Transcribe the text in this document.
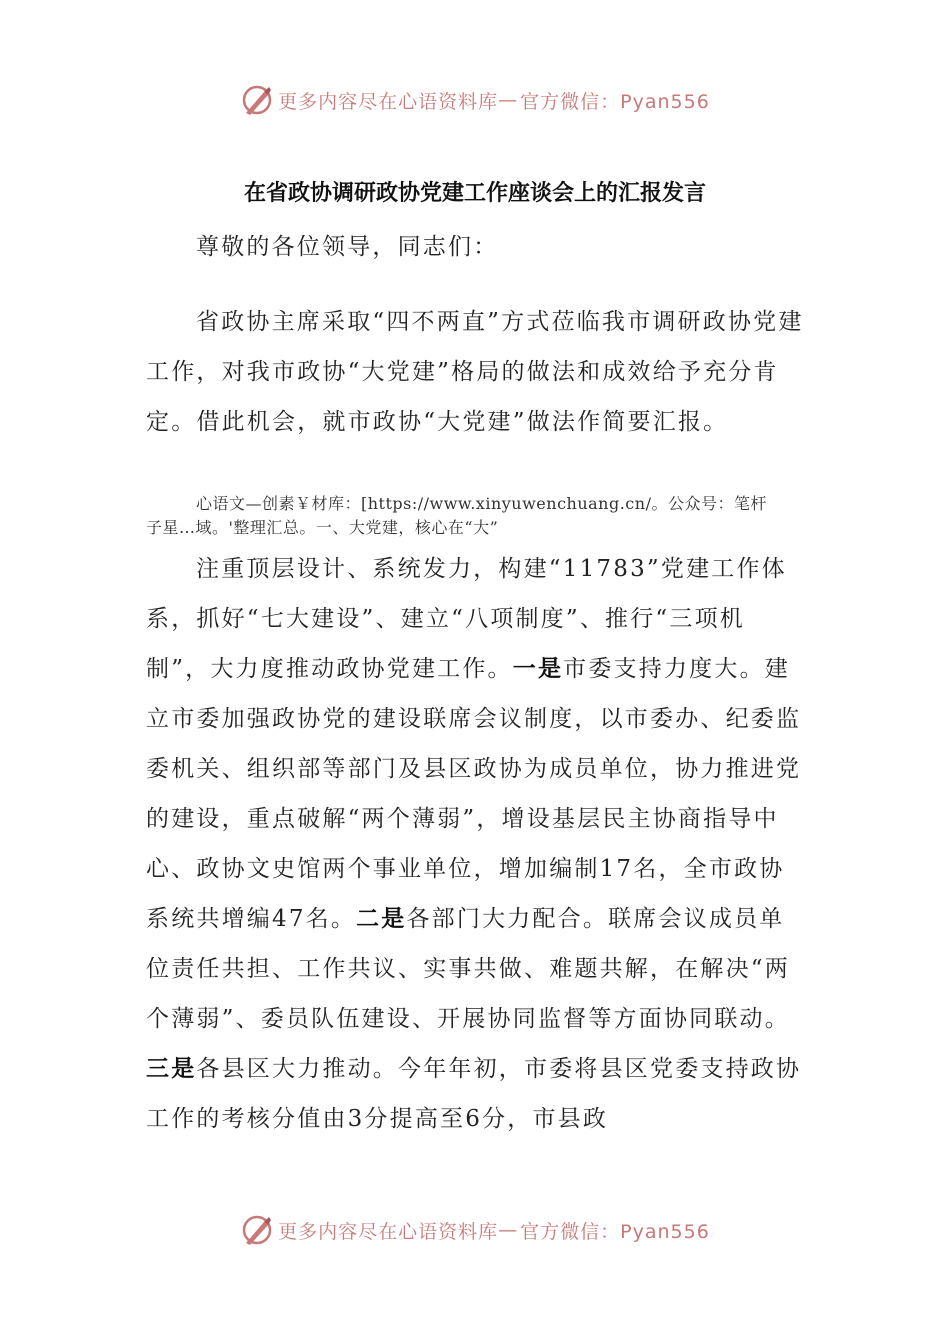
更多内容尽在心语资料库 — 官方微信：Pyan556
在省政协调研政协党建工作座谈会上的汇报发言

尊敬的各位领导，同志们：

省政协主席采取“四不两直”方式莅临我市调研政协党建工作，对我市政协“大党建”格局的做法和成效给予充分肯定。借此机会，就市政协“大党建”做法作简要汇报。

心语文—创素￥材库：[https://www.xinyuwenchuang.cn/。公众号：笔杆
子星…域。'整理汇总。一、大党建，核心在“大”

注重顶层设计、系统发力，构建“11783”党建工作体系，抓好“七大建设”、建立“八项制度”、推行“三项机制”，大力度推动政协党建工作。一是市委支持力度大。建立市委加强政协党的建设联席会议制度，以市委办、纪委监委机关、组织部等部门及县区政协为成员单位，协力推进党的建设，重点破解“两个薄弱”，增设基层民主协商指导中心、政协文史馆两个事业单位，增加编制17名，全市政协系统共增编47名。二是各部门大力配合。联席会议成员单位责任共担、工作共议、实事共做、难题共解，在解决“两个薄弱”、委员队伍建设、开展协同监督等方面协同联动。三是各县区大力推动。今年年初，市委将县区党委支持政协工作的考核分值由3分提高至6分，市县政

更多内容尽在心语资料库 — 官方微信：Pyan556
